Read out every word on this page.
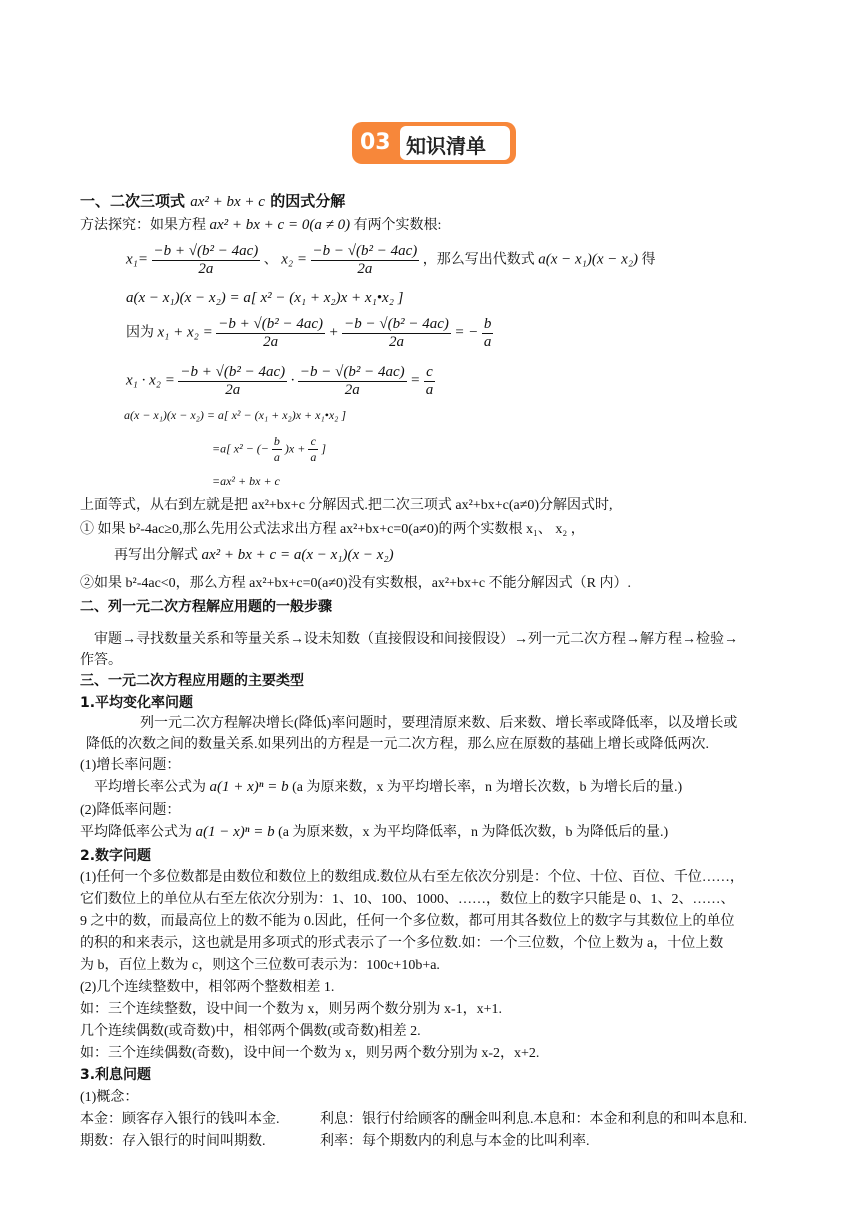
03 知识清单
一、二次三项式 ax² + bx + c 的因式分解
方法探究：如果方程 ax² + bx + c = 0(a ≠ 0) 有两个实数根:
$x_1= \frac{\text{−b + √(b² − 4ac)}}{2a}$ 、 $x_2 = \frac{\text{−b − √(b² − 4ac)}}{2a}$ ，那么写出代数式 a(x − x₁)(x − x₂) 得
a(x − x₁)(x − x₂) = a[ x² − (x₁ + x₂)x + x₁•x₂ ]
因为 $x_1 + x_2 = \frac{\text{−b + √(b² − 4ac)}}{2a} + \frac{\text{−b − √(b² − 4ac)}}{2a}$ = − $\frac{b}{a}$
$x_1 \cdot x_2 = \frac{\text{−b + √(b² − 4ac)}}{2a} \cdot \frac{\text{−b − √(b² − 4ac)}}{2a} = \frac{c}{a}$
a(x − x₁)(x − x₂) = a[ x² − (x₁ + x₂)x + x₁•x₂ ]
=a[ x² − (− $\frac{b}{a} )x + \frac{c}{a}$ ]
=ax² + bx + c
上面等式，从右到左就是把 ax²+bx+c 分解因式.把二次三项式 ax²+bx+c(a≠0)分解因式时,
① 如果 b²-4ac≥0,那么先用公式法求出方程 ax²+bx+c=0(a≠0)的两个实数根 x₁、 x₂ ，
再写出分解式 ax² + bx + c = a(x − x₁)(x − x₂)
②如果 b²-4ac<0，那么方程 ax²+bx+c=0(a≠0)没有实数根，ax²+bx+c 不能分解因式（R 内）.
二、列一元二次方程解应用题的一般步骤
审题→寻找数量关系和等量关系→设未知数（直接假设和间接假设）→列一元二次方程→解方程→检验→
作答。
三、一元二次方程应用题的主要类型
1.平均变化率问题
列一元二次方程解决增长(降低)率问题时，要理清原来数、后来数、增长率或降低率，以及增长或
降低的次数之间的数量关系.如果列出的方程是一元二次方程，那么应在原数的基础上增长或降低两次.
(1)增长率问题：
平均增长率公式为 a(1 + x)ⁿ = b (a 为原来数，x 为平均增长率，n 为增长次数，b 为增长后的量.)
(2)降低率问题：
平均降低率公式为 a(1 − x)ⁿ = b (a 为原来数，x 为平均降低率，n 为降低次数，b 为降低后的量.)
2.数字问题
(1)任何一个多位数都是由数位和数位上的数组成.数位从右至左依次分别是：个位、十位、百位、千位……，
它们数位上的单位从右至左依次分别为：1、10、100、1000、……，数位上的数字只能是 0、1、2、……、
9 之中的数，而最高位上的数不能为 0.因此，任何一个多位数，都可用其各数位上的数字与其数位上的单位
的积的和来表示，这也就是用多项式的形式表示了一个多位数.如：一个三位数，个位上数为 a，十位上数
为 b，百位上数为 c，则这个三位数可表示为：100c+10b+a.
(2)几个连续整数中，相邻两个整数相差 1.
如：三个连续整数，设中间一个数为 x，则另两个数分别为 x-1，x+1.
几个连续偶数(或奇数)中，相邻两个偶数(或奇数)相差 2.
如：三个连续偶数(奇数)，设中间一个数为 x，则另两个数分别为 x-2，x+2.
3.利息问题
(1)概念：
本金：顾客存入银行的钱叫本金.	利息：银行付给顾客的酬金叫利息.本息和：本金和利息的和叫本息和.
期数：存入银行的时间叫期数.	利率：每个期数内的利息与本金的比叫利率.
